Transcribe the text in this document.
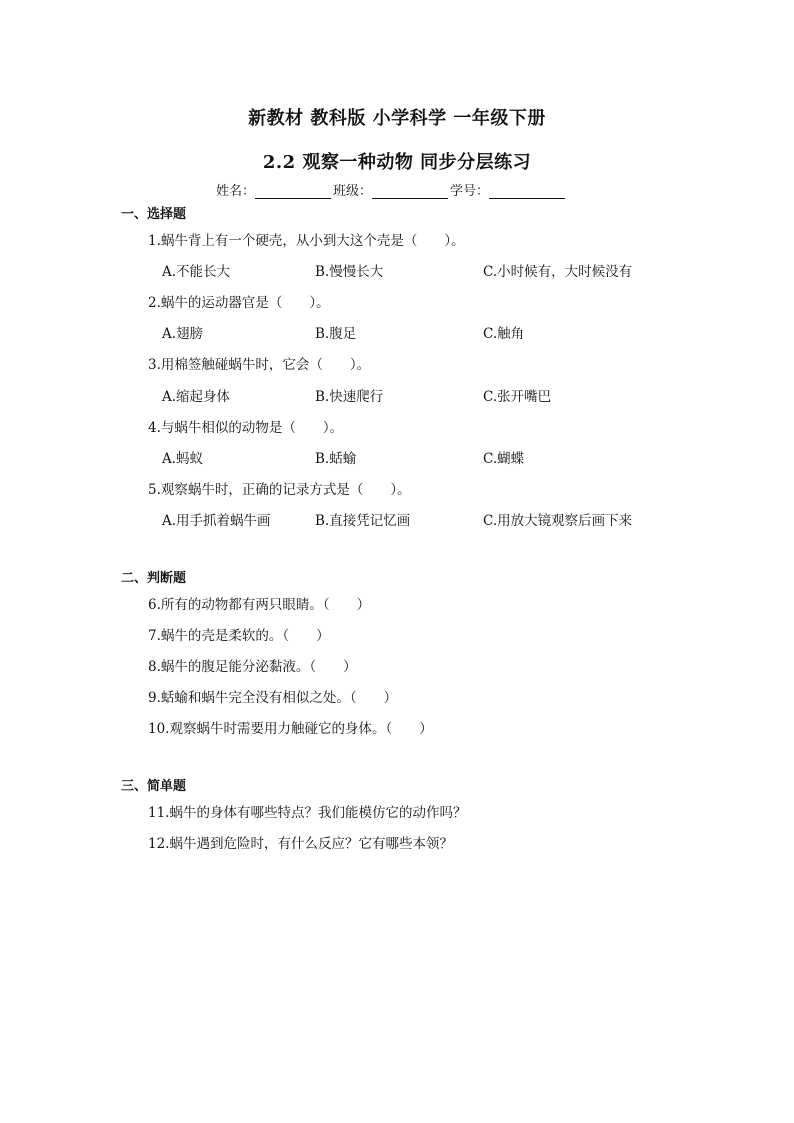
新教材 教科版 小学科学 一年级下册
2.2 观察一种动物 同步分层练习
姓名：	班级：	学号：
一、选择题
1.蜗牛背上有一个硬壳，从小到大这个壳是（　　）。
A.不能长大	B.慢慢长大	C.小时候有，大时候没有
2.蜗牛的运动器官是（　　）。
A.翅膀	B.腹足	C.触角
3.用棉签触碰蜗牛时，它会（　　）。
A.缩起身体	B.快速爬行	C.张开嘴巴
4.与蜗牛相似的动物是（　　）。
A.蚂蚁	B.蛞蝓	C.蝴蝶
5.观察蜗牛时，正确的记录方式是（　　）。
A.用手抓着蜗牛画	B.直接凭记忆画	C.用放大镜观察后画下来
二、判断题
6.所有的动物都有两只眼睛。（　　）
7.蜗牛的壳是柔软的。（　　）
8.蜗牛的腹足能分泌黏液。（　　）
9.蛞蝓和蜗牛完全没有相似之处。（　　）
10.观察蜗牛时需要用力触碰它的身体。（　　）
三、简单题
11.蜗牛的身体有哪些特点？我们能模仿它的动作吗？
12.蜗牛遇到危险时，有什么反应？它有哪些本领？
